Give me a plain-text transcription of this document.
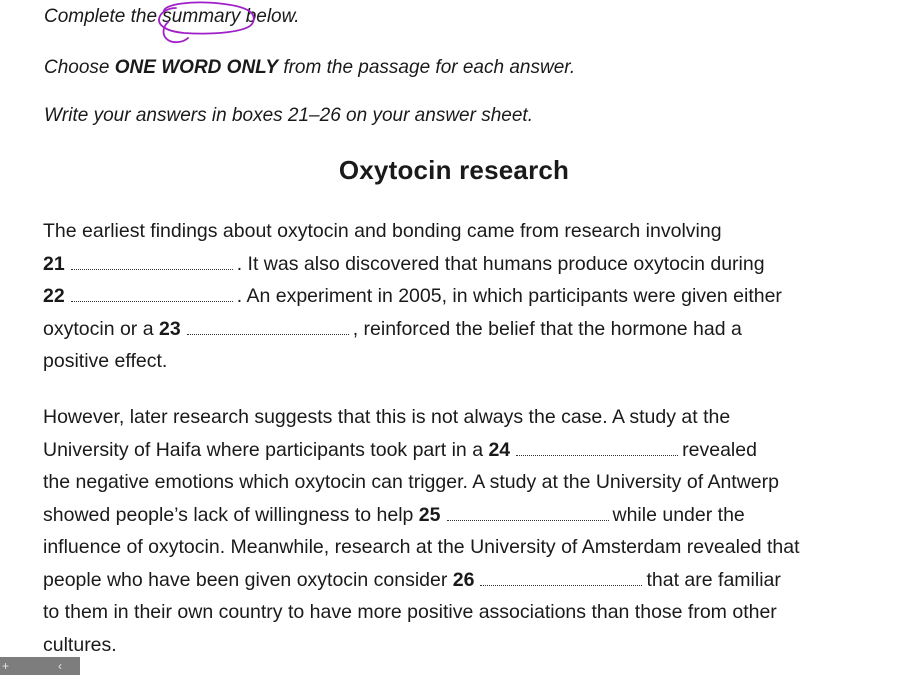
Complete the summary
below.
Choose ONE WORD ONLY from the passage for each answer.
Write your answers in boxes 21–26 on your answer sheet.
Oxytocin research
The earliest findings about oxytocin and bonding came from research involving
21	. It was also discovered that humans produce oxytocin during
22	. An experiment in 2005, in which participants were given either
oxytocin or a 23	, reinforced the belief that the hormone had a
positive effect.
However, later research suggests that this is not always the case. A study at the
University of Haifa where participants took part in a 24	revealed
the negative emotions which oxytocin can trigger. A study at the University of Antwerp
showed people’s lack of willingness to help 25	while under the
influence of oxytocin. Meanwhile, research at the University of Amsterdam revealed that
people who have been given oxytocin consider 26	that are familiar
to them in their own country to have more positive associations than those from other
cultures.
+	‹
